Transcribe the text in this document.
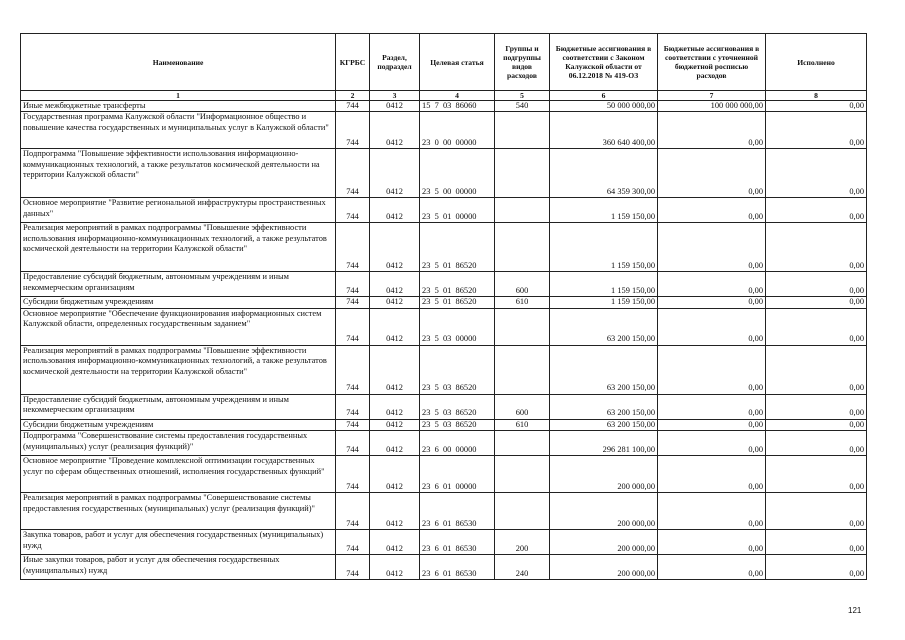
Наименование	КГРБС	Раздел, подраздел	Целевая статья	Группы и подгруппы видов расходов	Бюджетные ассигнования в соответствии с Законом Калужской области от 06.12.2018 № 419-ОЗ	Бюджетные ассигнования в соответствии с уточненной бюджетной росписью расходов	Исполнено
1	2	3	4	5	6	7	8
Иные межбюджетные трансферты	744	0412	15  7  03  86060	540	50 000 000,00	100 000 000,00	0,00
Государственная программа Калужской области "Информационное общество и повышение качества государственных и муниципальных услуг в Калужской области"	744	0412	23  0  00  00000		360 640 400,00	0,00	0,00
Подпрограмма "Повышение эффективности использования информационно-коммуникационных технологий, а также результатов космической деятельности на территории Калужской области"	744	0412	23  5  00  00000		64 359 300,00	0,00	0,00
Основное мероприятие "Развитие региональной инфраструктуры пространственных данных"	744	0412	23  5  01  00000		1 159 150,00	0,00	0,00
Реализация мероприятий в рамках подпрограммы "Повышение эффективности использования информационно-коммуникационных технологий, а также результатов космической деятельности на территории Калужской области"	744	0412	23  5  01  86520		1 159 150,00	0,00	0,00
Предоставление субсидий бюджетным, автономным учреждениям и иным некоммерческим организациям	744	0412	23  5  01  86520	600	1 159 150,00	0,00	0,00
Субсидии бюджетным учреждениям	744	0412	23  5  01  86520	610	1 159 150,00	0,00	0,00
Основное мероприятие "Обеспечение функционирования информационных систем Калужской области, определенных государственным заданием"	744	0412	23  5  03  00000		63 200 150,00	0,00	0,00
Реализация мероприятий в рамках подпрограммы "Повышение эффективности использования информационно-коммуникационных технологий, а также результатов космической деятельности на территории Калужской области"	744	0412	23  5  03  86520		63 200 150,00	0,00	0,00
Предоставление субсидий бюджетным, автономным учреждениям и иным некоммерческим организациям	744	0412	23  5  03  86520	600	63 200 150,00	0,00	0,00
Субсидии бюджетным учреждениям	744	0412	23  5  03  86520	610	63 200 150,00	0,00	0,00
Подпрограмма "Совершенствование системы предоставления государственных (муниципальных) услуг (реализация функций)"	744	0412	23  6  00  00000		296 281 100,00	0,00	0,00
Основное мероприятие "Проведение комплексной оптимизации государственных услуг по сферам общественных отношений, исполнения государственных функций"	744	0412	23  6  01  00000		200 000,00	0,00	0,00
Реализация мероприятий в рамках подпрограммы "Совершенствование системы предоставления государственных (муниципальных) услуг (реализация функций)"	744	0412	23  6  01  86530		200 000,00	0,00	0,00
Закупка товаров, работ и услуг для обеспечения государственных (муниципальных) нужд	744	0412	23  6  01  86530	200	200 000,00	0,00	0,00
Иные закупки товаров, работ и услуг для обеспечения государственных (муниципальных) нужд	744	0412	23  6  01  86530	240	200 000,00	0,00	0,00
121
